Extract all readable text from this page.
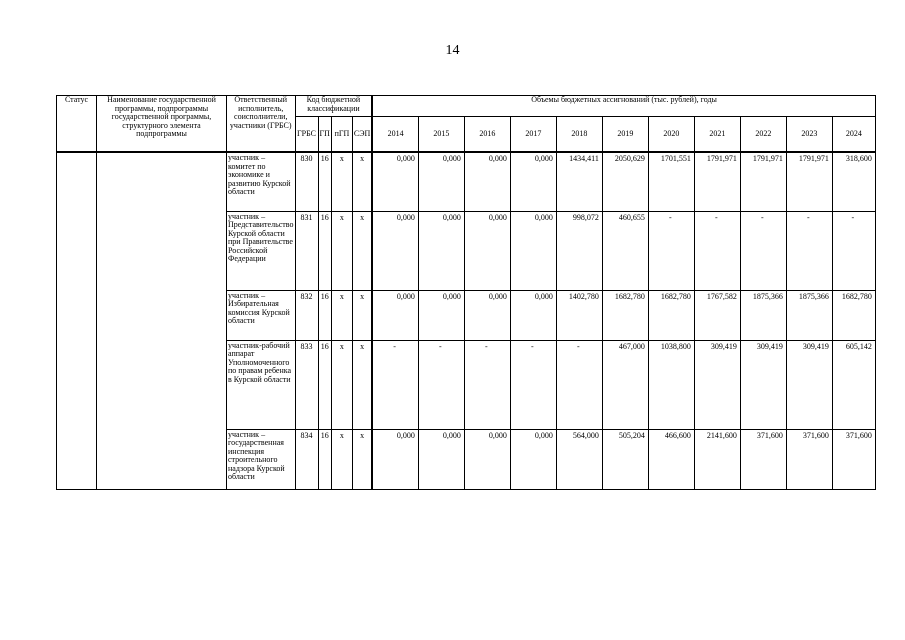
14
Статус	Наименование государственной программы, подпрограммы государственной программы, структурного элемента подпрограммы	Ответственный исполнитель, соисполнители, участники (ГРБС)	Код бюджетной классификации				Объемы бюджетных ассигнований (тыс. рублей), годы										
			ГРБС	ГП	пГП	СЭП	2014	2015	2016	2017	2018	2019	2020	2021	2022	2023	2024
		участник – комитет по экономике и развитию Курской области	830	16	х	х	0,000	0,000	0,000	0,000	1434,411	2050,629	1701,551	1791,971	1791,971	1791,971	318,600
		участник – Представительство Курской области при Правительстве Российской Федерации	831	16	х	х	0,000	0,000	0,000	0,000	998,072	460,655	-	-	-	-	-
		участник – Избирательная комиссия Курской области	832	16	х	х	0,000	0,000	0,000	0,000	1402,780	1682,780	1682,780	1767,582	1875,366	1875,366	1682,780
		участник-рабочий аппарат Уполномоченного по правам ребенка в Курской области	833	16	х	х	-	-	-	-	-	467,000	1038,800	309,419	309,419	309,419	605,142
		участник – государственная инспекция строительного надзора Курской области	834	16	х	х	0,000	0,000	0,000	0,000	564,000	505,204	466,600	2141,600	371,600	371,600	371,600
